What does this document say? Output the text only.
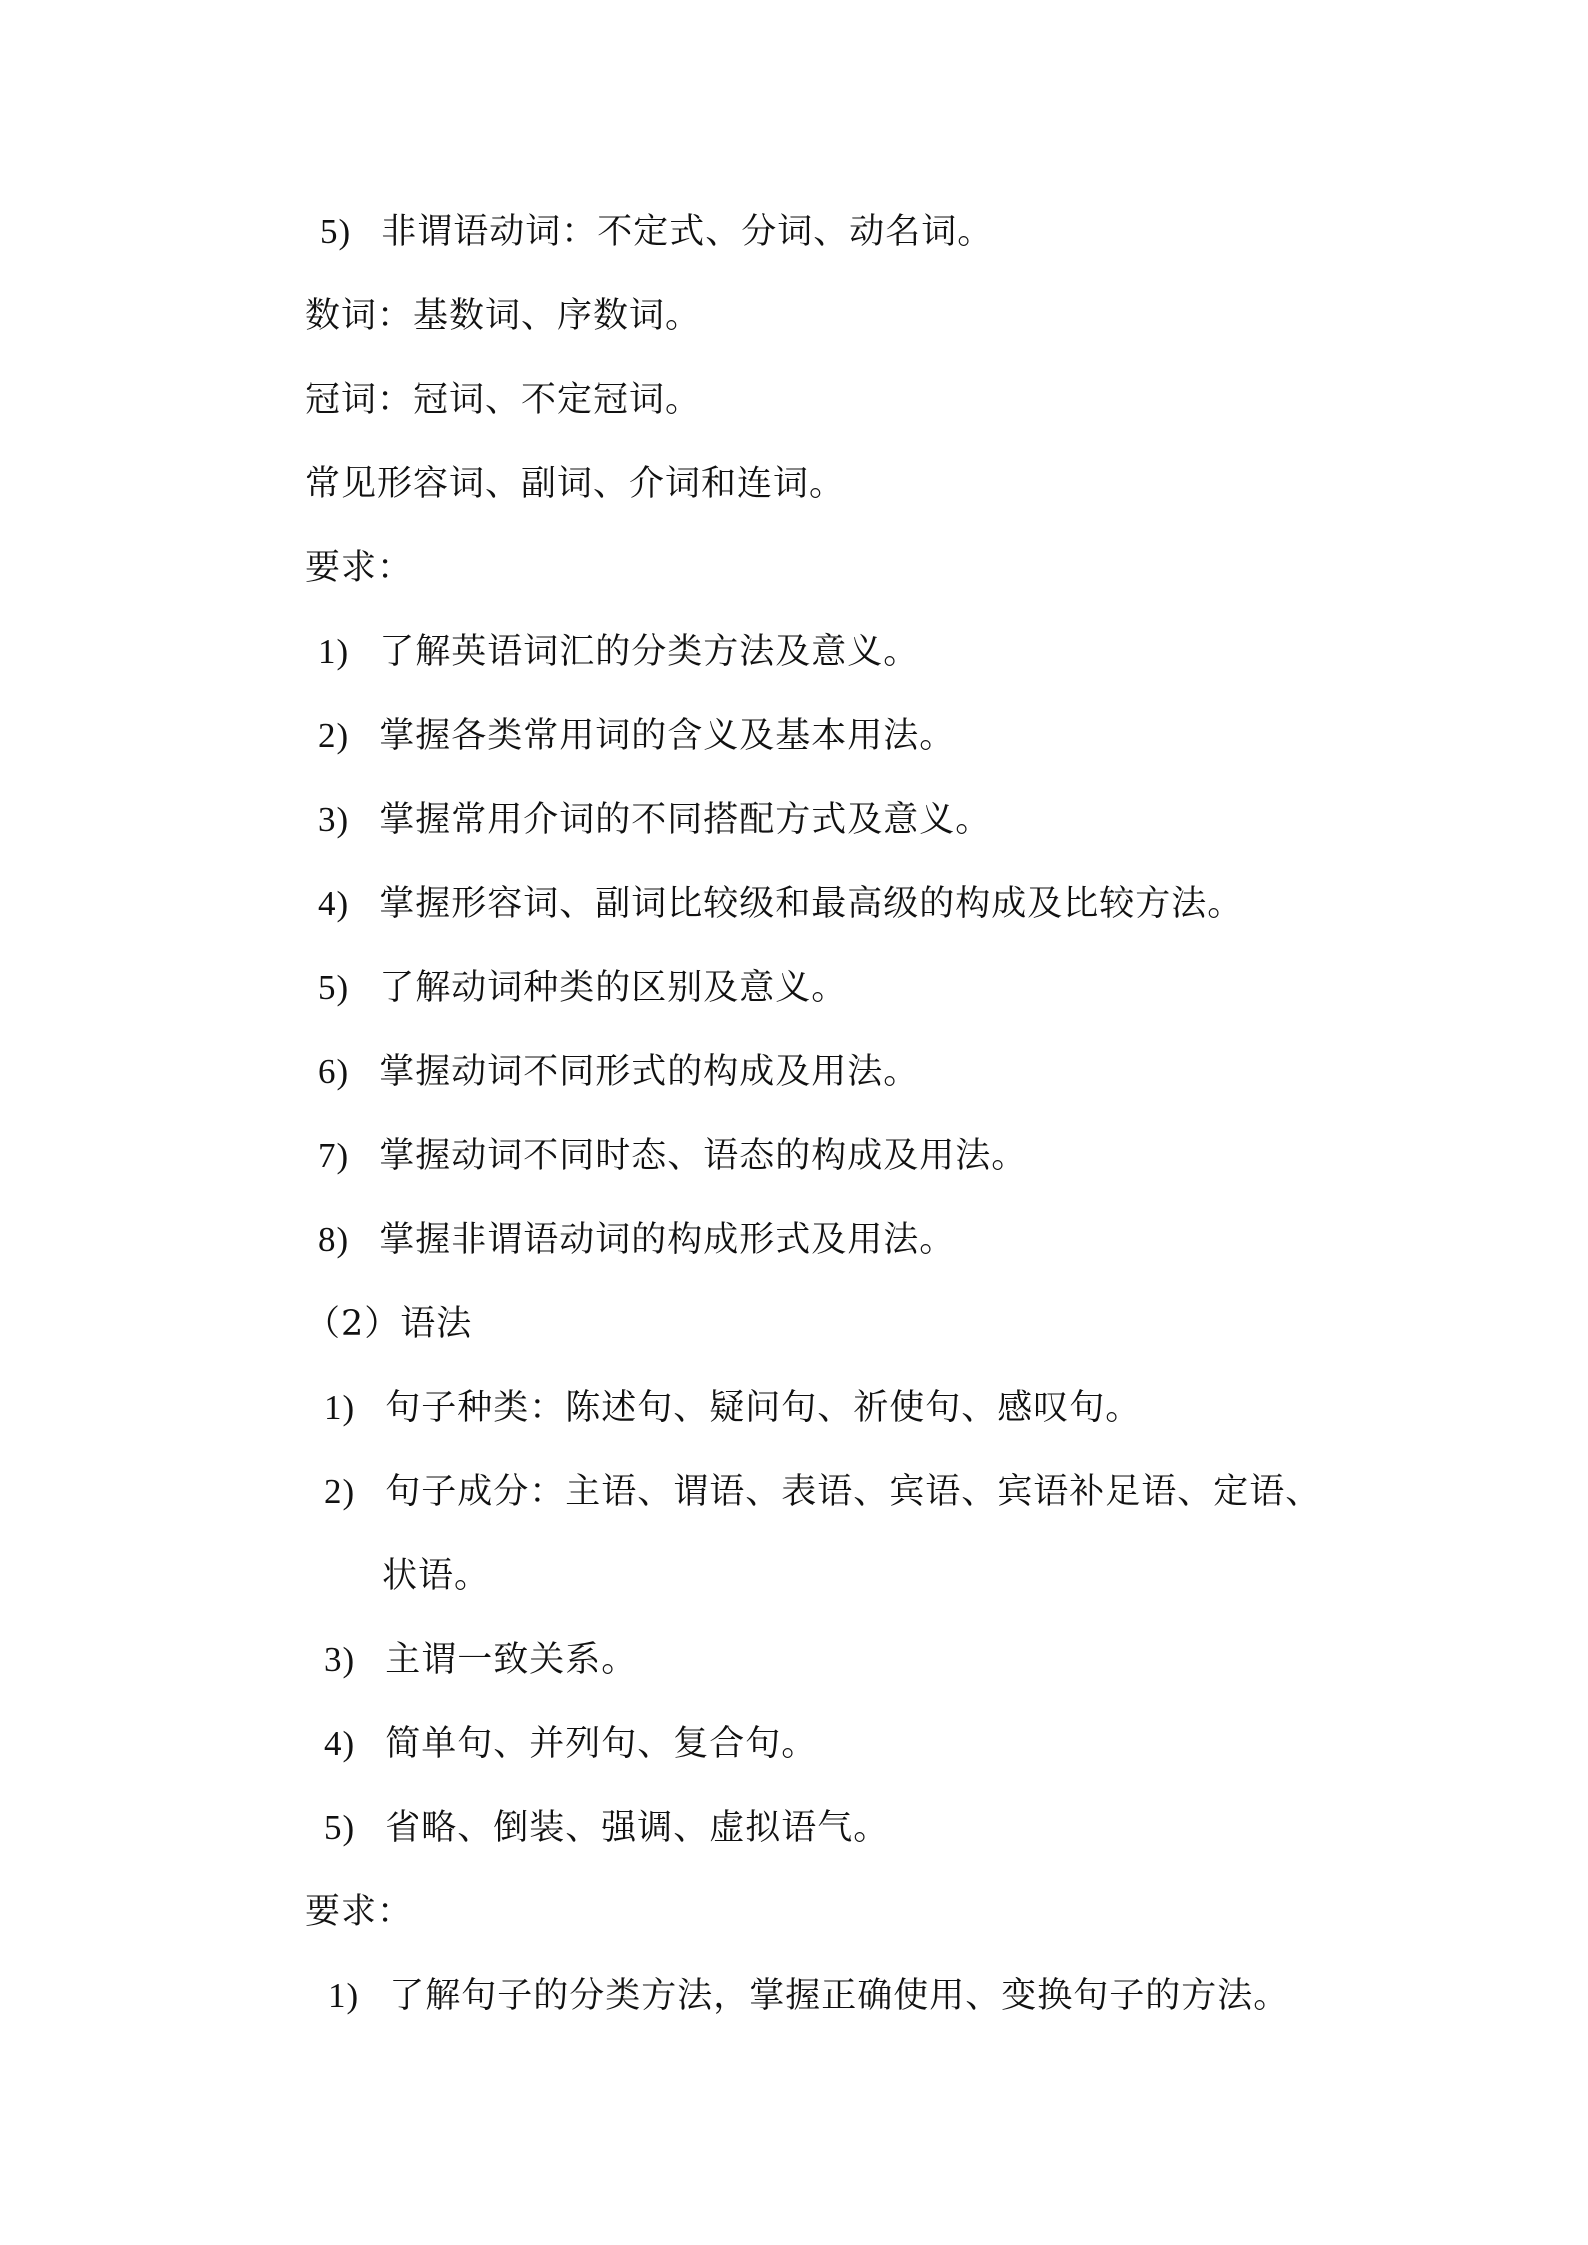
5) 非谓语动词：不定式、分词、动名词。
数词：基数词、序数词。
冠词：冠词、不定冠词。
常见形容词、副词、介词和连词。
要求：
1) 了解英语词汇的分类方法及意义。
2) 掌握各类常用词的含义及基本用法。
3) 掌握常用介词的不同搭配方式及意义。
4) 掌握形容词、副词比较级和最高级的构成及比较方法。
5) 了解动词种类的区别及意义。
6) 掌握动词不同形式的构成及用法。
7) 掌握动词不同时态、语态的构成及用法。
8) 掌握非谓语动词的构成形式及用法。
（2）语法
1) 句子种类：陈述句、疑问句、祈使句、感叹句。
2) 句子成分：主语、谓语、表语、宾语、宾语补足语、定语、
状语。
3) 主谓一致关系。
4) 简单句、并列句、复合句。
5) 省略、倒装、强调、虚拟语气。
要求：
1) 了解句子的分类方法，掌握正确使用、变换句子的方法。
